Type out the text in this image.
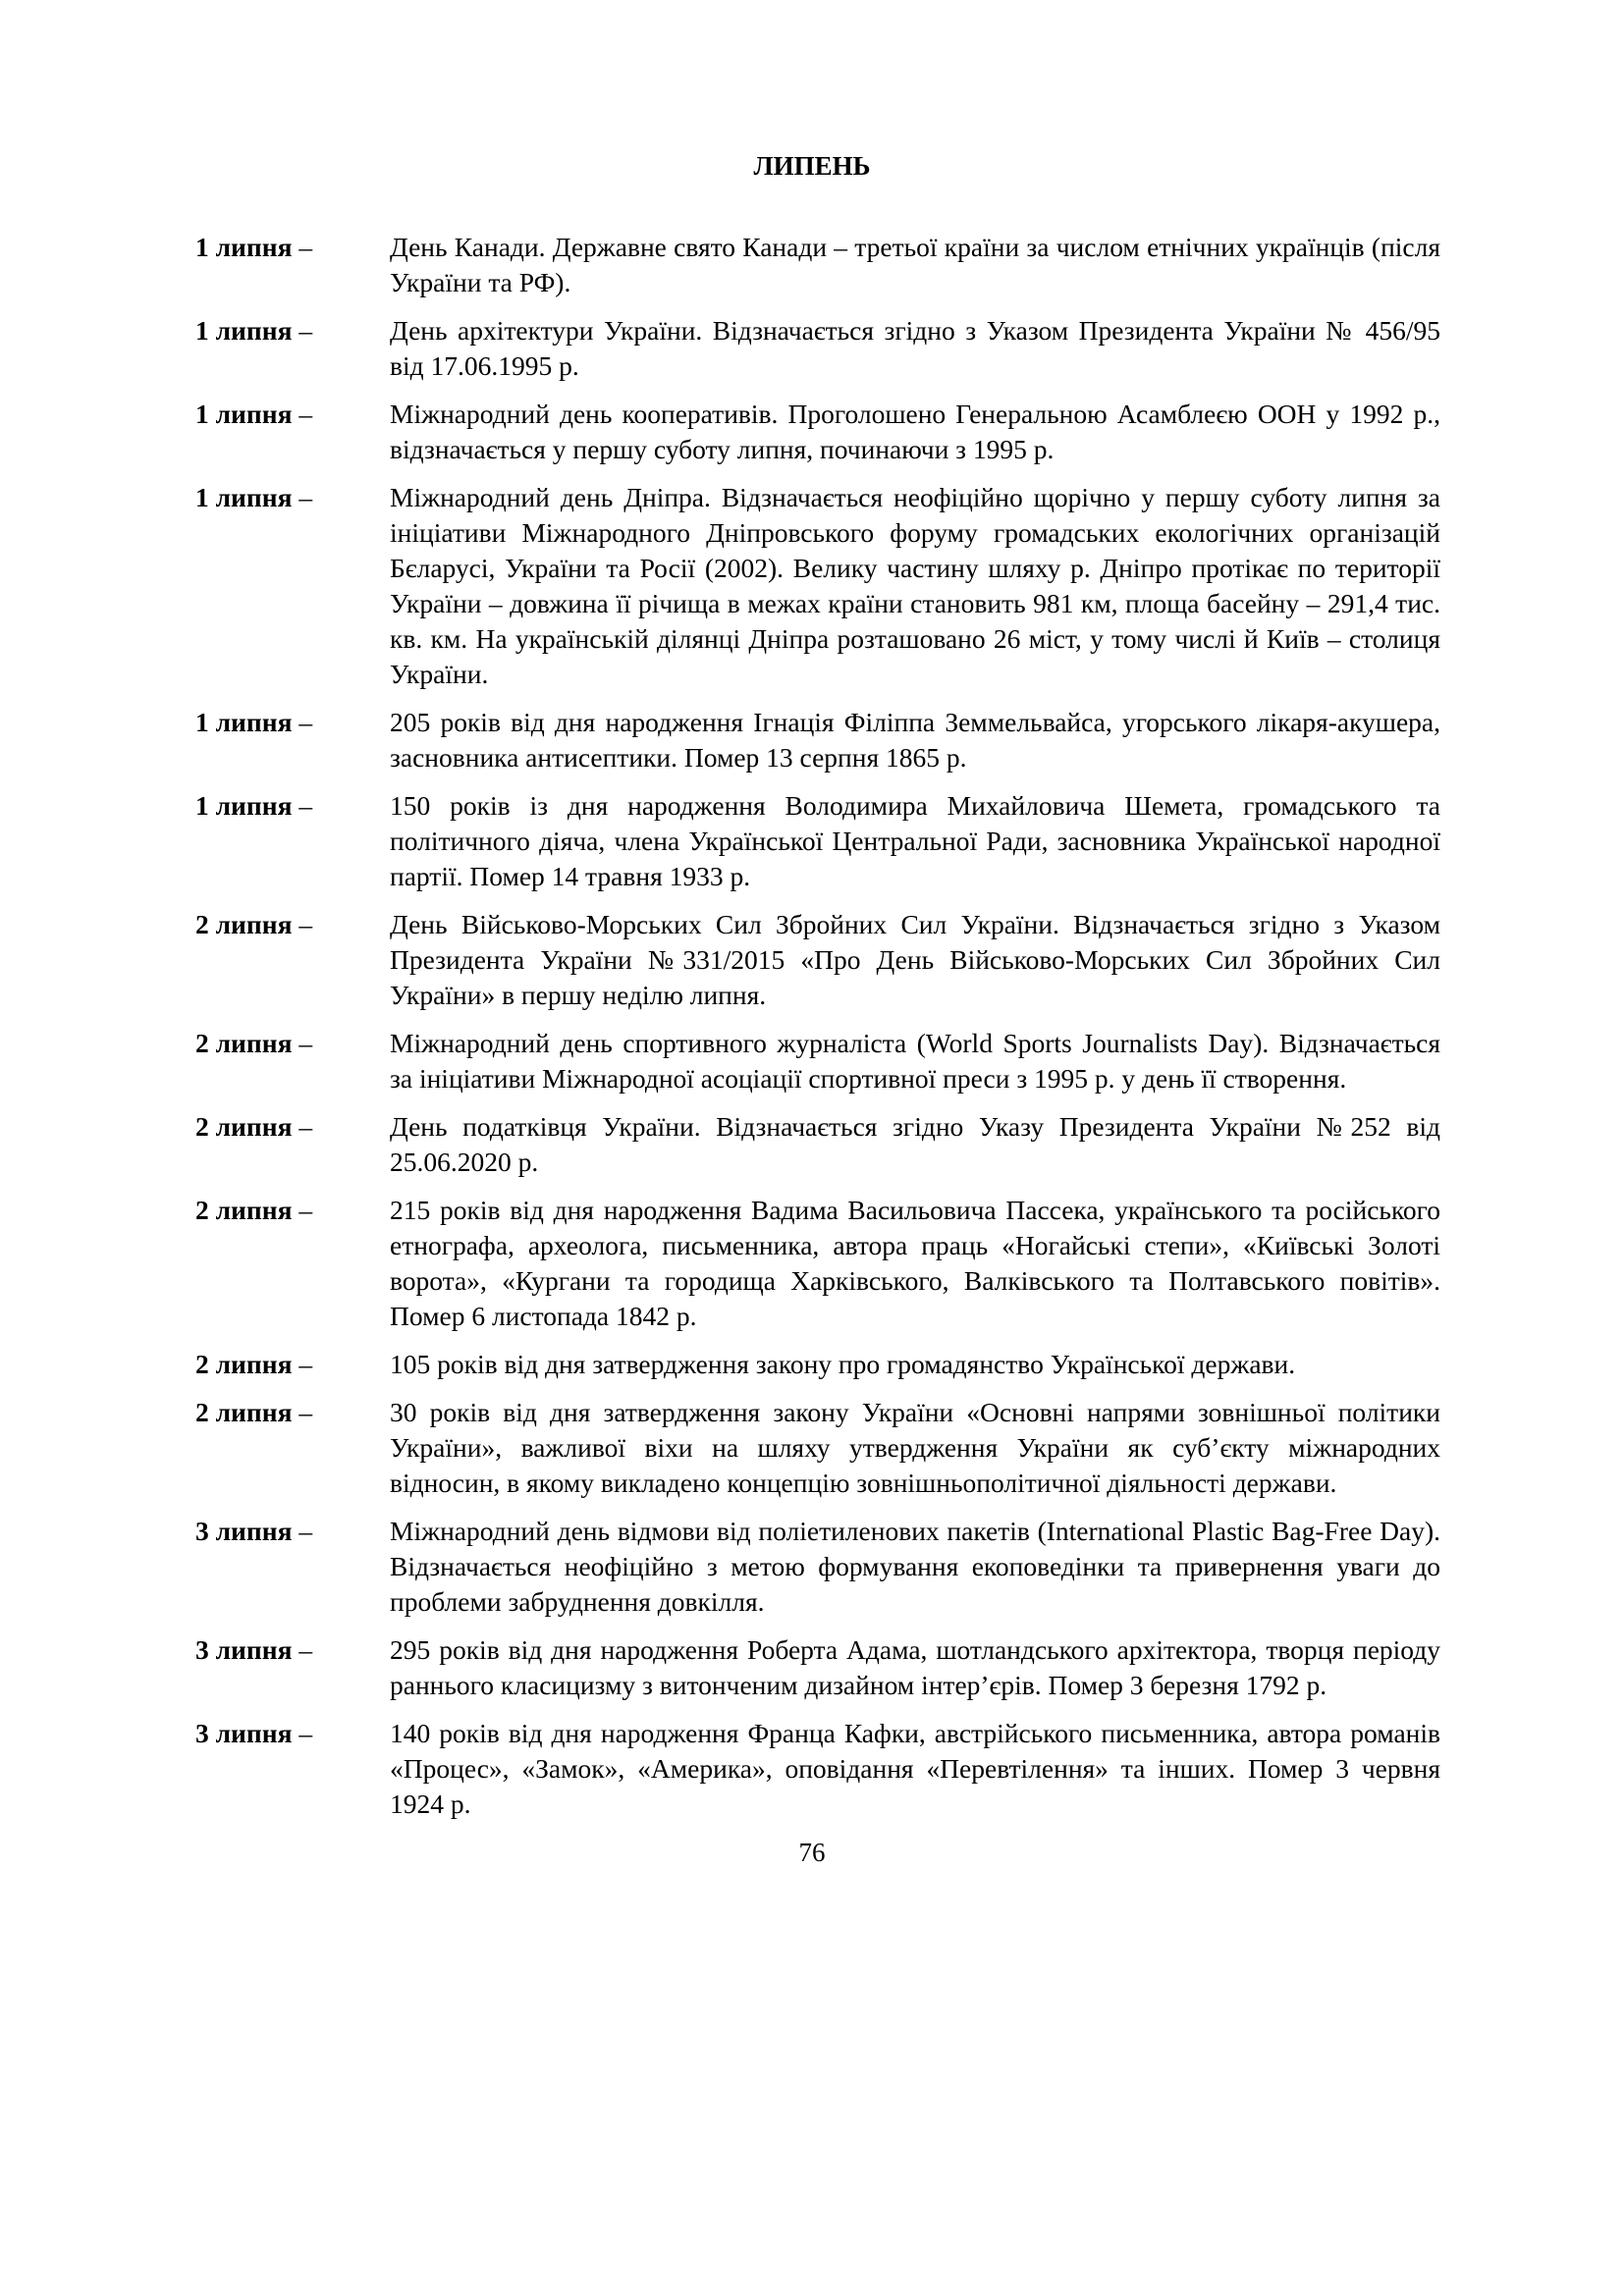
ЛИПЕНЬ
1 липня –	День Канади. Державне свято Канади – третьої країни за числом етнічних українців (після України та РФ).
1 липня –	День архітектури України. Відзначається згідно з Указом Президента України № 456/95 від 17.06.1995 р.
1 липня –	Міжнародний день кооперативів. Проголошено Генеральною Асамблеєю ООН у 1992 р., відзначається у першу суботу липня, починаючи з 1995 р.
1 липня –	Міжнародний день Дніпра. Відзначається неофіційно щорічно у першу суботу липня за ініціативи Міжнародного Дніпровського форуму громадських екологічних організацій Бєларусі, України та Росії (2002). Велику частину шляху р. Дніпро протікає по території України – довжина її річища в межах країни становить 981 км, площа басейну – 291,4 тис. кв. км. На українській ділянці Дніпра розташовано 26 міст, у тому числі й Київ – столиця України.
1 липня –	205 років від дня народження Ігнація Філіппа Земмельвайса, угорського лікаря-акушера, засновника антисептики. Помер 13 серпня 1865 р.
1 липня –	150 років із дня народження Володимира Михайловича Шемета, громадського та політичного діяча, члена Української Центральної Ради, засновника Української народної партії. Помер 14 травня 1933 р.
2 липня –	День Військово-Морських Сил Збройних Сил України. Відзначається згідно з Указом Президента України №331/2015 «Про День Військово-Морських Сил Збройних Сил України» в першу неділю липня.
2 липня –	Міжнародний день спортивного журналіста (World Sports Journalists Day). Відзначається за ініціативи Міжнародної асоціації спортивної преси з 1995 р. у день її створення.
2 липня –	День податківця України. Відзначається згідно Указу Президента України №252 від 25.06.2020 р.
2 липня –	215 років від дня народження Вадима Васильовича Пассека, українського та російського етнографа, археолога, письменника, автора праць «Ногайські степи», «Київські Золоті ворота», «Кургани та городища Харківського, Валківського та Полтавського повітів». Помер 6 листопада 1842 р.
2 липня –	105 років від дня затвердження закону про громадянство Української держави.
2 липня –	30 років від дня затвердження закону України «Основні напрями зовнішньої політики України», важливої віхи на шляху утвердження України як суб’єкту міжнародних відносин, в якому викладено концепцію зовнішньополітичної діяльності держави.
3 липня –	Міжнародний день відмови від поліетиленових пакетів (International Plastic Bag-Free Day). Відзначається неофіційно з метою формування екоповедінки та привернення уваги до проблеми забруднення довкілля.
3 липня –	295 років від дня народження Роберта Адама, шотландського архітектора, творця періоду раннього класицизму з витонченим дизайном інтер’єрів. Помер 3 березня 1792 р.
3 липня –	140 років від дня народження Франца Кафки, австрійського письменника, автора романів «Процес», «Замок», «Америка», оповідання «Перевтілення» та інших. Помер 3 червня 1924 р.
76
